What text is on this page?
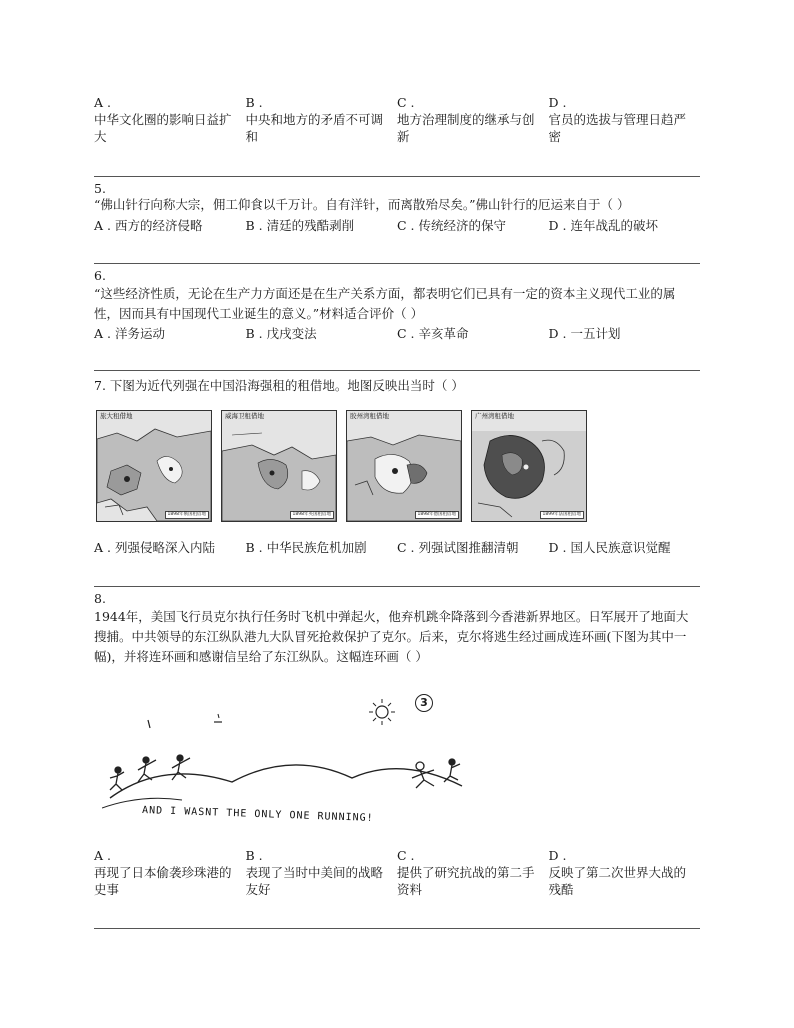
A .
中华文化圈的影响日益扩大
B .
中央和地方的矛盾不可调和
C .
地方治理制度的继承与创新
D .
官员的选拔与管理日趋严密
5.
“佛山针行向称大宗，佣工仰食以千万计。自有洋针，而离散殆尽矣。”佛山针行的厄运来自于（ ）
A . 西方的经济侵略	B . 清廷的残酷剥削	C . 传统经济的保守	D . 连年战乱的破坏
6.
“这些经济性质，无论在生产力方面还是在生产关系方面，都表明它们已具有一定的资本主义现代工业的属性，因而具有中国现代工业诞生的意义。”材料适合评价（ ）
A . 洋务运动	B . 戊戌变法	C . 辛亥革命	D . 一五计划
7. 下图为近代列强在中国沿海强租的租借地。地图反映出当时（ ）
旅大租借地
1898年俄国租借地
威海卫租借地
1898年英国租借地
胶州湾租借地
1898年德国租借地
广州湾租借地
1899年法国租借地
A . 列强侵略深入内陆	B . 中华民族危机加剧	C . 列强试图推翻清朝	D . 国人民族意识觉醒
8.
1944年，美国飞行员克尔执行任务时飞机中弹起火，他弃机跳伞降落到今香港新界地区。日军展开了地面大搜捕。中共领导的东江纵队港九大队冒死抢救保护了克尔。后来，克尔将逃生经过画成连环画(下图为其中一幅)，并将连环画和感谢信呈给了东江纵队。这幅连环画（ ）
3
AND I WASNT THE ONLY ONE RUNNING!
A .
再现了日本偷袭珍珠港的史事
B .
表现了当时中美间的战略友好
C .
提供了研究抗战的第二手资料
D .
反映了第二次世界大战的残酷
